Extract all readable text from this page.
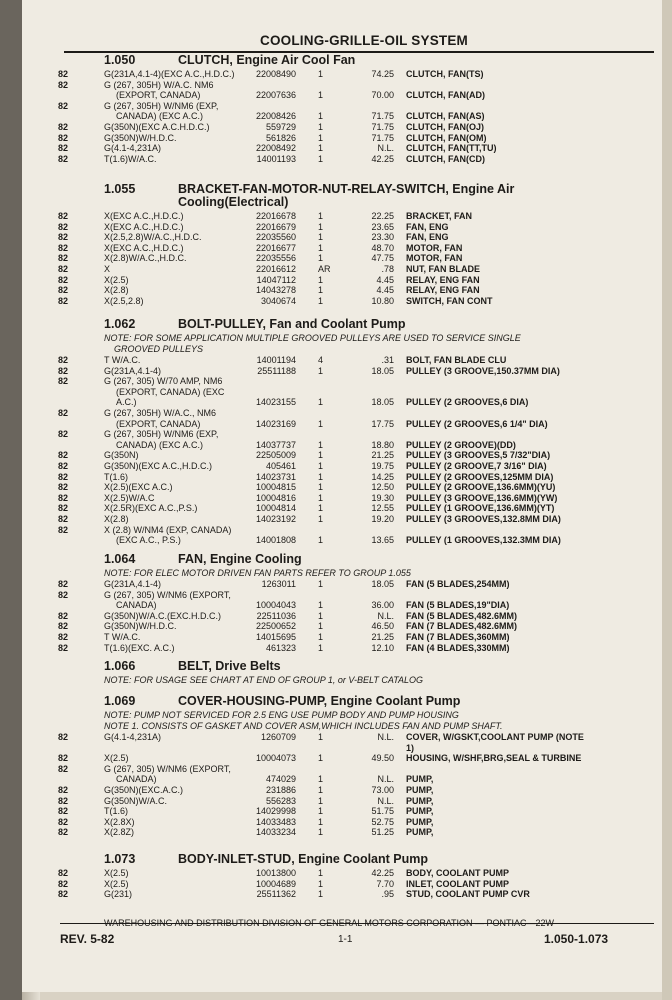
COOLING-GRILLE-OIL SYSTEM
1.050	CLUTCH, Engine Air Cool Fan
82	G(231A,4.1-4)(EXC A.C.,H.D.C.)	22008490 1	74.25 CLUTCH, FAN(TS)
82	G (267, 305H) W/A.C. NM6
(EXPORT, CANADA)	22007636 1	70.00 CLUTCH, FAN(AD)
82	G (267, 305H) W/NM6 (EXP,
CANADA) (EXC A.C.)	22008426 1	71.75 CLUTCH, FAN(AS)
82	G(350N)(EXC A.C.H.D.C.)	559729 1	71.75 CLUTCH, FAN(OJ)
82	G(350N)W/H.D.C.	561826 1	71.75 CLUTCH, FAN(OM)
82	G(4.1-4,231A)	22008492 1	N.L. CLUTCH, FAN(TT,TU)
82	T(1.6)W/A.C.	14001193 1	42.25 CLUTCH, FAN(CD)
1.055	BRACKET-FAN-MOTOR-NUT-RELAY-SWITCH, Engine Air
Cooling(Electrical)
82	X(EXC A.C.,H.D.C.)	22016678 1	22.25 BRACKET, FAN
82	X(EXC A.C.,H.D.C.)	22016679 1	23.65 FAN, ENG
82	X(2.5,2.8)W/A.C.,H.D.C.	22035560 1	23.30 FAN, ENG
82	X(EXC A.C.,H.D.C.)	22016677 1	48.70 MOTOR, FAN
82	X(2.8)W/A.C.,H.D.C.	22035556 1	47.75 MOTOR, FAN
82	X	22016612 AR	.78 NUT, FAN BLADE
82	X(2.5)	14047112 1	4.45 RELAY, ENG FAN
82	X(2.8)	14043278 1	4.45 RELAY, ENG FAN
82	X(2.5,2.8)	3040674 1	10.80 SWITCH, FAN CONT
1.062	BOLT-PULLEY, Fan and Coolant Pump
NOTE: FOR SOME APPLICATION MULTIPLE GROOVED PULLEYS ARE USED TO SERVICE SINGLE
GROOVED PULLEYS
82	T W/A.C.	14001194 4	.31 BOLT, FAN BLADE CLU
82	G(231A,4.1-4)	25511188 1	18.05 PULLEY (3 GROOVE,150.37MM DIA)
82	G (267, 305) W/70 AMP, NM6
(EXPORT, CANADA) (EXC
A.C.)	14023155 1	18.05 PULLEY (2 GROOVES,6 DIA)
82	G (267, 305H) W/A.C., NM6
(EXPORT, CANADA)	14023169 1	17.75 PULLEY (2 GROOVES,6 1/4" DIA)
82	G (267, 305H) W/NM6 (EXP,
CANADA) (EXC A.C.)	14037737 1	18.80 PULLEY (2 GROOVE)(DD)
82	G(350N)	22505009 1	21.25 PULLEY (3 GROOVES,5 7/32"DIA)
82	G(350N)(EXC A.C.,H.D.C.)	405461 1	19.75 PULLEY (2 GROOVE,7 3/16" DIA)
82	T(1.6)	14023731 1	14.25 PULLEY (2 GROOVES,125MM DIA)
82	X(2.5)(EXC A.C.)	10004815 1	12.50 PULLEY (2 GROOVE,136.6MM)(YU)
82	X(2.5)W/A.C	10004816 1	19.30 PULLEY (3 GROOVE,136.6MM)(YW)
82	X(2.5R)(EXC A.C.,P.S.)	10004814 1	12.55 PULLEY (1 GROOVE,136.6MM)(YT)
82	X(2.8)	14023192 1	19.20 PULLEY (3 GROOVES,132.8MM DIA)
82	X (2.8) W/NM4 (EXP, CANADA)
(EXC A.C., P.S.)	14001808 1	13.65 PULLEY (1 GROOVES,132.3MM DIA)
1.064	FAN, Engine Cooling
NOTE: FOR ELEC MOTOR DRIVEN FAN PARTS REFER TO GROUP 1.055
82	G(231A,4.1-4)	1263011 1	18.05 FAN (5 BLADES,254MM)
82	G (267, 305) W/NM6 (EXPORT,
CANADA)	10004043 1	36.00 FAN (5 BLADES,19"DIA)
82	G(350N)W/A.C.(EXC.H.D.C.)	22511036 1	N.L. FAN (5 BLADES,482.6MM)
82	G(350N)W/H.D.C.	22500652 1	46.50 FAN (7 BLADES,482.6MM)
82	T W/A.C.	14015695 1	21.25 FAN (7 BLADES,360MM)
82	T(1.6)(EXC. A.C.)	461323 1	12.10 FAN (4 BLADES,330MM)
1.066	BELT, Drive Belts
NOTE: FOR USAGE SEE CHART AT END OF GROUP 1, or V-BELT CATALOG
1.069	COVER-HOUSING-PUMP, Engine Coolant Pump
NOTE: PUMP NOT SERVICED FOR 2.5 ENG USE PUMP BODY AND PUMP HOUSING
NOTE 1. CONSISTS OF GASKET AND COVER ASM,WHICH INCLUDES FAN AND PUMP SHAFT.
82	G(4.1-4,231A)	1260709 1	N.L. COVER, W/GSKT,COOLANT PUMP (NOTE
1)
82	X(2.5)	10004073 1	49.50 HOUSING, W/SHF,BRG,SEAL & TURBINE
82	G (267, 305) W/NM6 (EXPORT,
CANADA)	474029 1	N.L. PUMP,
82	G(350N)(EXC.A.C.)	231886 1	73.00 PUMP,
82	G(350N)W/A.C.	556283 1	N.L. PUMP,
82	T(1.6)	14029998 1	51.75 PUMP,
82	X(2.8X)	14033483 1	52.75 PUMP,
82	X(2.8Z)	14033234 1	51.25 PUMP,
1.073	BODY-INLET-STUD, Engine Coolant Pump
82	X(2.5)	10013800 1	42.25 BODY, COOLANT PUMP
82	X(2.5)	10004689 1	7.70 INLET, COOLANT PUMP
82	G(231)	25511362 1	.95 STUD, COOLANT PUMP CVR
WAREHOUSING AND DISTRIBUTION DIVISION OF GENERAL MOTORS CORPORATION — PONTIAC—22W
REV. 5-82	1-1	1.050-1.073
